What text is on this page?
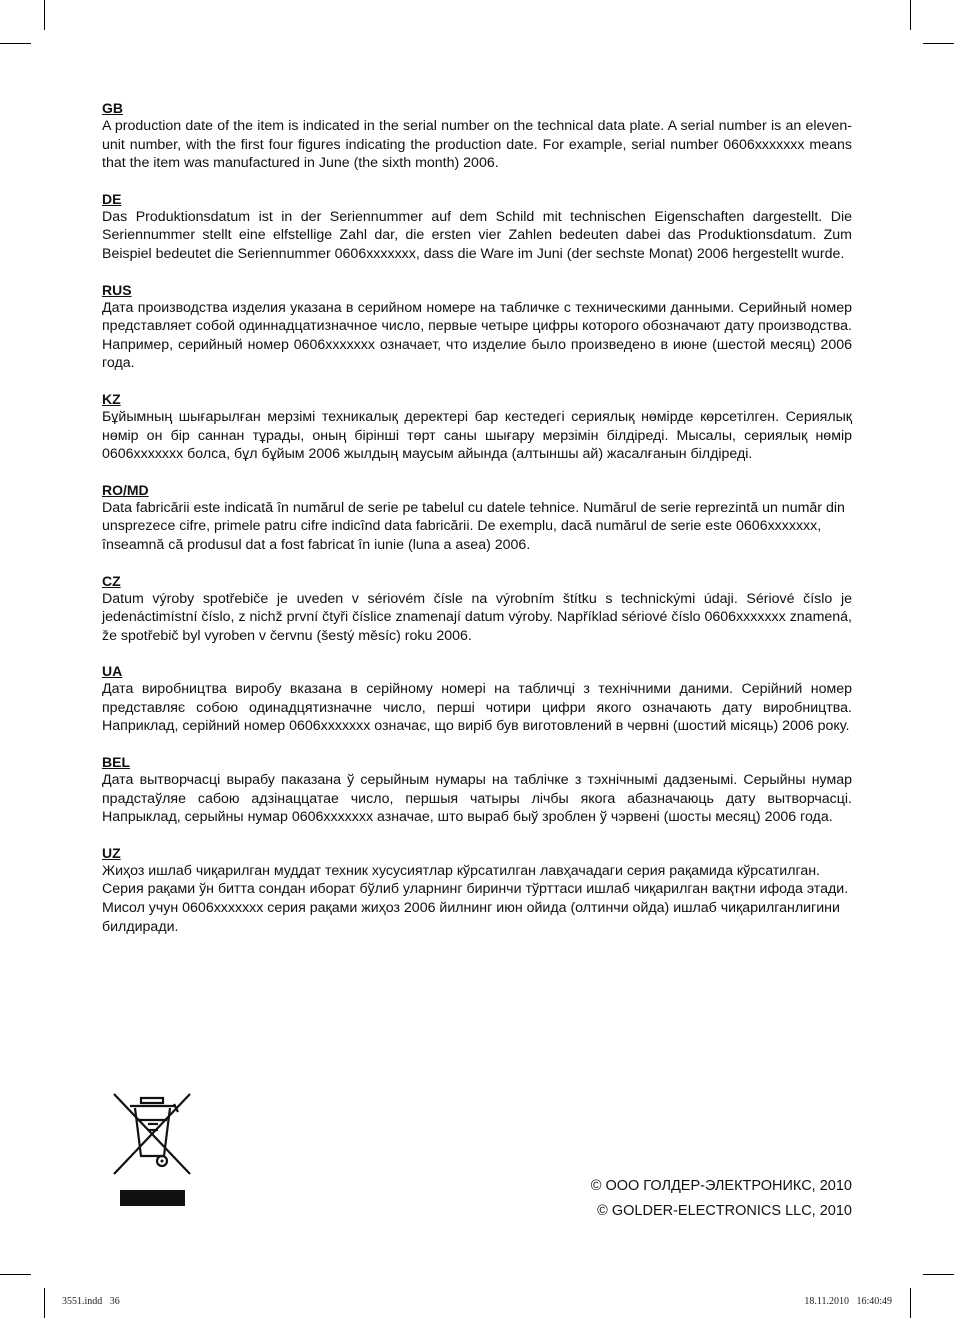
GB

A production date of the item is indicated in the serial number on the technical data plate. A serial number is an eleven-unit number, with the first four figures indicating the production date. For example, serial number 0606xxxxxxx means that the item was manufactured in June (the sixth month) 2006.

DE

Das Produktionsdatum ist in der Seriennummer auf dem Schild mit technischen Eigenschaften dargestellt. Die Seriennummer stellt eine elfstellige Zahl dar, die ersten vier Zahlen bedeuten dabei das Produktionsdatum. Zum Beispiel bedeutet die Seriennummer 0606xxxxxxx, dass die Ware im Juni (der sechste Monat) 2006 hergestellt wurde.

RUS

Дата производства изделия указана в серийном номере на табличке с техническими данными. Серийный номер представляет собой одиннадцатизначное число, первые четыре цифры которого обозначают дату производства. Например, серийный номер 0606ххххххх означает, что изделие было произведено в июне (шестой месяц) 2006 года.

KZ

Бұйымның шығарылған мерзімі техникалық деректері бар кестедегі сериялық нөмірде көрсетілген. Сериялық нөмір он бір саннан тұрады, оның бірінші төрт саны шығару мерзімін білдіреді. Мысалы, сериялық нөмір 0606ххххххх болса, бұл бұйым 2006 жылдың маусым айында (алтыншы ай) жасалғанын білдіреді.

RO/MD

Data fabricării este indicată în numărul de serie pe tabelul cu datele tehnice. Numărul de serie reprezintă un număr din unsprezece cifre, primele patru cifre indicînd data fabricării. De exemplu, dacă numărul de serie este 0606xxxxxxx, înseamnă că produsul dat a fost fabricat în iunie (luna a asea) 2006.

CZ

Datum výroby spotřebiče je uveden v sériovém čísle na výrobním štítku s technickými údaji. Sériové číslo je jedenáctimístní číslo, z nichž první čtyři číslice znamenají datum výroby. Například sériové číslo 0606xxxxxxx znamená, že spotřebič byl vyroben v červnu (šestý měsíc) roku 2006.

UA

Дата виробництва виробу вказана в серійному номері на табличці з технічними даними. Серійний номер представляє собою одинадцятизначне число, перші чотири цифри якого означають дату виробництва. Наприклад, серійний номер 0606ххххххх означає, що виріб був виготовлений в червні (шостий місяць) 2006 року.

BEL

Дата вытворчасці вырабу паказана ў серыйным нумары на таблічке з тэхнічнымі дадзенымі. Серыйны нумар прадстаўляе сабою адзінаццатае число, першыя чатыры лічбы якога абазначаюць дату вытворчасці. Напрыклад, серыйны нумар 0606ххххххх азначае, што выраб быў зроблен ў чэрвені (шосты месяц) 2006 года.

UZ

Жиҳоз ишлаб чиқарилган муддат техник хусусиятлар кўрсатилган лавҳачадаги серия рақамида кўрсатилган. Серия рақами ўн битта сондан иборат бўлиб уларнинг биринчи тўрттаси ишлаб чиқарилган вақтни ифода этади. Мисол учун 0606ххххххх серия рақами жиҳоз 2006 йилнинг июн ойида (олтинчи ойда) ишлаб чиқарилганлигини билдиради.

© ООО ГОЛДЕР-ЭЛЕКТРОНИКС, 2010
© GOLDER-ELECTRONICS LLC, 2010
3551.indd   36	18.11.2010   16:40:49
